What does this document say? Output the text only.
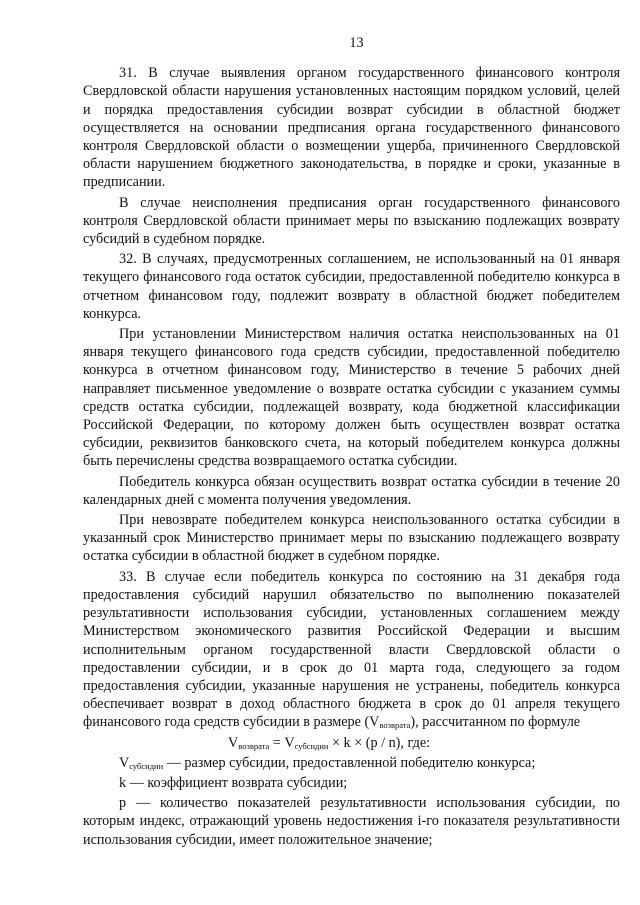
13

31. В случае выявления органом государственного финансового контроля Свердловской области нарушения установленных настоящим порядком условий, целей и порядка предоставления субсидии возврат субсидии в областной бюджет осуществляется на основании предписания органа государственного финансового контроля Свердловской области о возмещении ущерба, причиненного Свердловской области нарушением бюджетного законодательства, в порядке и сроки, указанные в предписании.

В случае неисполнения предписания орган государственного финансового контроля Свердловской области принимает меры по взысканию подлежащих возврату субсидий в судебном порядке.

32. В случаях, предусмотренных соглашением, не использованный на 01 января текущего финансового года остаток субсидии, предоставленной победителю конкурса в отчетном финансовом году, подлежит возврату в областной бюджет победителем конкурса.

При установлении Министерством наличия остатка неиспользованных на 01 января текущего финансового года средств субсидии, предоставленной победителю конкурса в отчетном финансовом году, Министерство в течение 5 рабочих дней направляет письменное уведомление о возврате остатка субсидии с указанием суммы средств остатка субсидии, подлежащей возврату, кода бюджетной классификации Российской Федерации, по которому должен быть осуществлен возврат остатка субсидии, реквизитов банковского счета, на который победителем конкурса должны быть перечислены средства возвращаемого остатка субсидии.

Победитель конкурса обязан осуществить возврат остатка субсидии в течение 20 календарных дней с момента получения уведомления.

При невозврате победителем конкурса неиспользованного остатка субсидии в указанный срок Министерство принимает меры по взысканию подлежащего возврату остатка субсидии в областной бюджет в судебном порядке.

33. В случае если победитель конкурса по состоянию на 31 декабря года предоставления субсидий нарушил обязательство по выполнению показателей результативности использования субсидии, установленных соглашением между Министерством экономического развития Российской Федерации и высшим исполнительным органом государственной власти Свердловской области о предоставлении субсидии, и в срок до 01 марта года, следующего за годом предоставления субсидии, указанные нарушения не устранены, победитель конкурса обеспечивает возврат в доход областного бюджета в срок до 01 апреля текущего финансового года средств субсидии в размере $(V_{возврата})$, рассчитанном по формуле

$V_{возврата} = V_{субсидии} \times k \times (p / n)$, где:

$V_{субсидии}$ — размер субсидии, предоставленной победителю конкурса;

k — коэффициент возврата субсидии;

p — количество показателей результативности использования субсидии, по которым индекс, отражающий уровень недостижения i-го показателя результативности использования субсидии, имеет положительное значение;
